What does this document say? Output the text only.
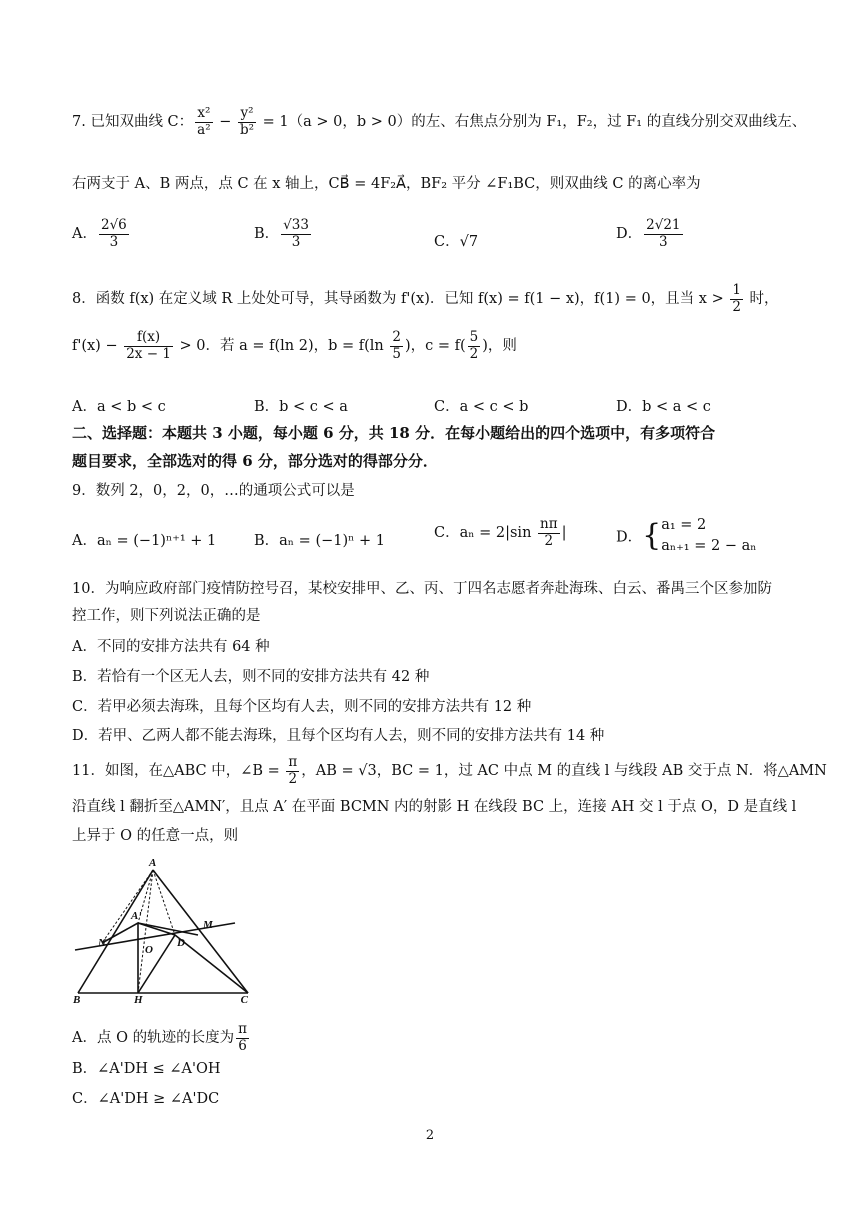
7. 已知双曲线 C： $\frac{\text{x²}}{\text{a²}} - \frac{\text{y²}}{\text{b²}} = 1(a > 0$，b > 0）的左、右焦点分别为 F₁，F₂，过 F₁ 的直线分别交双曲线左、
右两支于 A、B 两点，点 C 在 x 轴上，CB⃗ = 4F₂A⃗，BF₂ 平分 ∠F₁BC，则双曲线 C 的离心率为
A． $\frac{2√6}{3}$	B． $\frac{√33}{3}$	C．√7	D． $\frac{2√21}{3}$
8．函数 f(x) 在定义域 R 上处处可导，其导函数为 f'(x)．已知 f(x) = f(1 − x)，f(1) = 0，且当 $x > \frac{1}{2}$ 时，
$f'(x) - \frac{f(x)}{2x - 1} > 0$．若 a = f(ln 2)，$b = f(\ln \frac{2}{5}$ )，$c = f( \frac{5}{2}$ )，则
A．a < b < c	B．b < c < a	C．a < c < b	D．b < a < c
二、选择题：本题共 3 小题，每小题 6 分，共 18 分．在每小题给出的四个选项中，有多项符合
题目要求，全部选对的得 6 分，部分选对的得部分分．
9．数列 2，0，2，0，…的通项公式可以是
A．aₙ = (−1)ⁿ⁺¹ + 1	B．aₙ = (−1)ⁿ + 1	C．$a_n = 2|\sin \frac{n\pi}{2}$ |	D．{ a₁ = 2
aₙ₊₁ = 2 − aₙ
10．为响应政府部门疫情防控号召，某校安排甲、乙、丙、丁四名志愿者奔赴海珠、白云、番禺三个区参加防
控工作，则下列说法正确的是
A．不同的安排方法共有 64 种
B．若恰有一个区无人去，则不同的安排方法共有 42 种
C．若甲必须去海珠，且每个区均有人去，则不同的安排方法共有 12 种
D．若甲、乙两人都不能去海珠，且每个区均有人去，则不同的安排方法共有 14 种
11．如图，在△ABC 中，∠B = $\frac{\pi}{2}$ ，AB = √3，BC = 1，过 AC 中点 M 的直线 l 与线段 AB 交于点 N．将△AMN
沿直线 l 翻折至△AMN′，且点 A′ 在平面 BCMN 内的射影 H 在线段 BC 上，连接 AH 交 l 于点 O，D 是直线 l
上异于 O 的任意一点，则
A
A'
M
N
O
D
B	H	C
A．点 O 的轨迹的长度为 $\frac{\pi}{6}$
B．∠A'DH ≤ ∠A'OH
C．∠A'DH ≥ ∠A'DC
2
